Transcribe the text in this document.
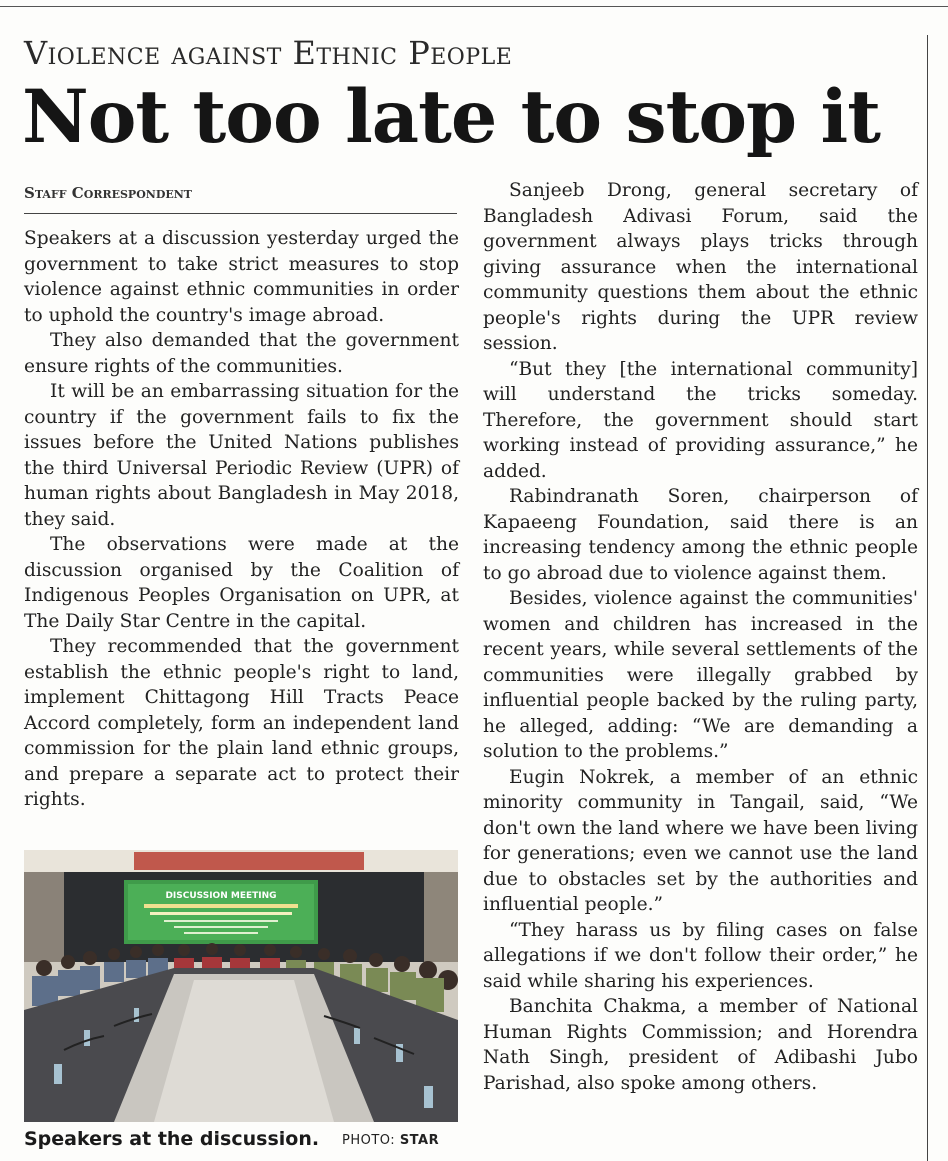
Violence against Ethnic People
Not too late to stop it
Staff Correspondent

Speakers at a discussion yesterday urged the government to take strict measures to stop violence against ethnic communities in order to uphold the country's image abroad.

They also demanded that the government ensure rights of the communities.

It will be an embarrassing situation for the country if the government fails to fix the issues before the United Nations publishes the third Universal Periodic Review (UPR) of human rights about Bangladesh in May 2018, they said.

The observations were made at the discussion organised by the Coalition of Indigenous Peoples Organisation on UPR, at The Daily Star Centre in the capital.

They recommended that the government establish the ethnic people's right to land, implement Chittagong Hill Tracts Peace Accord completely, form an independent land commission for the plain land ethnic groups, and prepare a separate act to protect their rights.

Sanjeeb Drong, general secretary of Bangladesh Adivasi Forum, said the government always plays tricks through giving assurance when the international community questions them about the ethnic people's rights during the UPR review session.

“But they [the international community] will understand the tricks someday. Therefore, the government should start working instead of providing assurance,” he added.

Rabindranath Soren, chairperson of Kapaeeng Foundation, said there is an increasing tendency among the ethnic people to go abroad due to violence against them.

Besides, violence against the communities' women and children has increased in the recent years, while several settlements of the communities were illegally grabbed by influential people backed by the ruling party, he alleged, adding: “We are demanding a solution to the problems.”

Eugin Nokrek, a member of an ethnic minority community in Tangail, said, “We don't own the land where we have been living for generations; even we cannot use the land due to obstacles set by the authorities and influential people.”

“They harass us by filing cases on false allegations if we don't follow their order,” he said while sharing his experiences.

Banchita Chakma, a member of National Human Rights Commission; and Horendra Nath Singh, president of Adibashi Jubo Parishad, also spoke among others.

DISCUSSION MEETING
Speakers at the discussion. PHOTO: STAR
